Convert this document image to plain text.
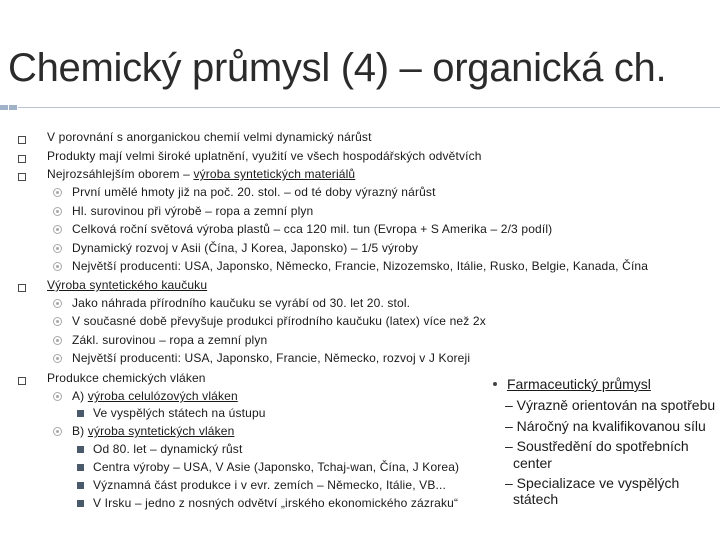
Chemický průmysl (4) – organická ch.
V porovnání s anorganickou chemií velmi dynamický nárůst
Produkty mají velmi široké uplatnění, využití ve všech hospodářských odvětvích
Nejrozsáhlejším oborem – výroba syntetických materiálů
První umělé hmoty již na poč. 20. stol. – od té doby výrazný nárůst
Hl. surovinou při výrobě – ropa a zemní plyn
Celková roční světová výroba plastů – cca 120 mil. tun (Evropa + S Amerika – 2/3 podíl)
Dynamický rozvoj v Asii (Čína, J Korea, Japonsko) – 1/5 výroby
Největší producenti: USA, Japonsko, Německo, Francie, Nizozemsko, Itálie, Rusko, Belgie, Kanada, Čína
Výroba syntetického kaučuku
Jako náhrada přírodního kaučuku se vyrábí od 30. let 20. stol.
V současné době převyšuje produkci přírodního kaučuku (latex) více než 2x
Zákl. surovinou – ropa a zemní plyn
Největší producenti: USA, Japonsko, Francie, Německo, rozvoj v J Koreji
Produkce chemických vláken
A) výroba celulózových vláken
Ve vyspělých státech na ústupu
B) výroba syntetických vláken
Od 80. let – dynamický růst
Centra výroby – USA, V Asie (Japonsko, Tchaj-wan, Čína, J Korea)
Významná část produkce i v evr. zemích – Německo, Itálie, VB...
V Irsku – jedno z nosných odvětví „irského ekonomického zázraku“
Farmaceutický průmysl
– Výrazně orientován na spotřebu
– Náročný na kvalifikovanou sílu
– Soustředění do spotřebních
center
– Specializace ve vyspělých
státech
